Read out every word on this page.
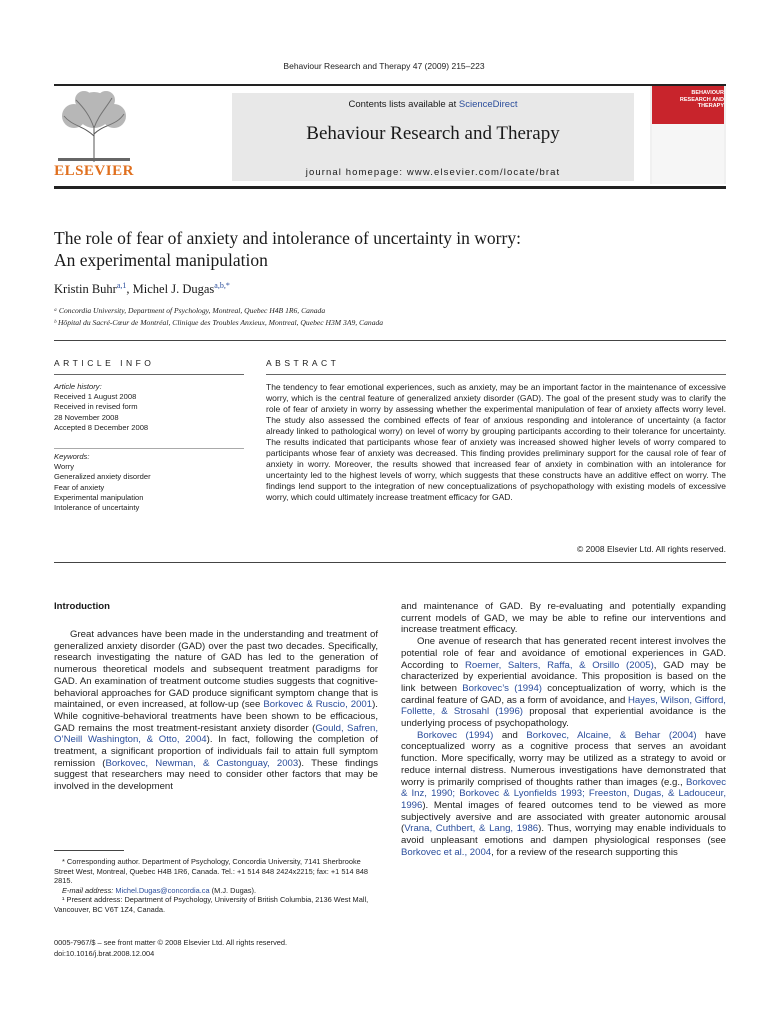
Behaviour Research and Therapy 47 (2009) 215–223
ELSEVIER
Contents lists available at ScienceDirect
Behaviour Research and Therapy
journal homepage: www.elsevier.com/locate/brat
BEHAVIOUR RESEARCH AND THERAPY
The role of fear of anxiety and intolerance of uncertainty in worry:
An experimental manipulation
Kristin Buhr$^{a,1}$, Michel J. Dugas$^{a,b,*}$
ᵃ Concordia University, Department of Psychology, Montreal, Quebec H4B 1R6, Canada
ᵇ Hôpital du Sacré-Cœur de Montréal, Clinique des Troubles Anxieux, Montreal, Quebec H3M 3A9, Canada
ARTICLE INFO	ABSTRACT
Article history:
Received 1 August 2008
Received in revised form
28 November 2008
Accepted 8 December 2008
Keywords:
Worry
Generalized anxiety disorder
Fear of anxiety
Experimental manipulation
Intolerance of uncertainty
The tendency to fear emotional experiences, such as anxiety, may be an important factor in the maintenance of excessive worry, which is the central feature of generalized anxiety disorder (GAD). The goal of the present study was to clarify the role of fear of anxiety in worry by assessing whether the experimental manipulation of fear of anxiety affects worry level. The study also assessed the combined effects of fear of anxious responding and intolerance of uncertainty (a factor already linked to pathological worry) on level of worry by grouping participants according to their tolerance for uncertainty. The results indicated that participants whose fear of anxiety was increased showed higher levels of worry compared to participants whose fear of anxiety was decreased. This finding provides preliminary support for the causal role of fear of anxiety in worry. Moreover, the results showed that increased fear of anxiety in combination with an intolerance for uncertainty led to the highest levels of worry, which suggests that these constructs have an additive effect on worry. The findings lend support to the integration of new conceptualizations of psychopathology with existing models of excessive worry, which could ultimately increase treatment efficacy for GAD.
© 2008 Elsevier Ltd. All rights reserved.
Introduction

Great advances have been made in the understanding and treatment of generalized anxiety disorder (GAD) over the past two decades. Specifically, research investigating the nature of GAD has led to the generation of numerous theoretical models and subsequent treatment paradigms for GAD. An examination of treatment outcome studies suggests that cognitive-behavioral approaches for GAD produce significant symptom change that is maintained, or even increased, at follow-up (see Borkovec & Ruscio, 2001). While cognitive-behavioral treatments have been shown to be efficacious, GAD remains the most treatment-resistant anxiety disorder (Gould, Safren, O’Neill Washington, & Otto, 2004). In fact, following the completion of treatment, a significant proportion of individuals fail to attain full symptom remission (Borkovec, Newman, & Castonguay, 2003). These findings suggest that researchers may need to consider other factors that may be involved in the development

and maintenance of GAD. By re-evaluating and potentially expanding current models of GAD, we may be able to refine our interventions and increase treatment efficacy.

One avenue of research that has generated recent interest involves the potential role of fear and avoidance of emotional experiences in GAD. According to Roemer, Salters, Raffa, & Orsillo (2005), GAD may be characterized by experiential avoidance. This proposition is based on the link between Borkovec’s (1994) conceptualization of worry, which is the cardinal feature of GAD, as a form of avoidance, and Hayes, Wilson, Gifford, Follette, & Strosahl (1996) proposal that experiential avoidance is the underlying process of psychopathology.

Borkovec (1994) and Borkovec, Alcaine, & Behar (2004) have conceptualized worry as a cognitive process that serves an avoidant function. More specifically, worry may be utilized as a strategy to avoid or reduce internal distress. Numerous investigations have demonstrated that worry is primarily comprised of thoughts rather than images (e.g., Borkovec & Inz, 1990; Borkovec & Lyonfields 1993; Freeston, Dugas, & Ladouceur, 1996). Mental images of feared outcomes tend to be viewed as more subjectively aversive and are associated with greater autonomic arousal (Vrana, Cuthbert, & Lang, 1986). Thus, worrying may enable individuals to avoid unpleasant emotions and dampen physiological responses (see Borkovec et al., 2004, for a review of the research supporting this

* Corresponding author. Department of Psychology, Concordia University, 7141 Sherbrooke Street West, Montreal, Quebec H4B 1R6, Canada. Tel.: +1 514 848 2424x2215; fax: +1 514 848 2815.

E-mail address: Michel.Dugas@concordia.ca (M.J. Dugas).

¹ Present address: Department of Psychology, University of British Columbia, 2136 West Mall, Vancouver, BC V6T 1Z4, Canada.

0005-7967/$ – see front matter © 2008 Elsevier Ltd. All rights reserved.
doi:10.1016/j.brat.2008.12.004
